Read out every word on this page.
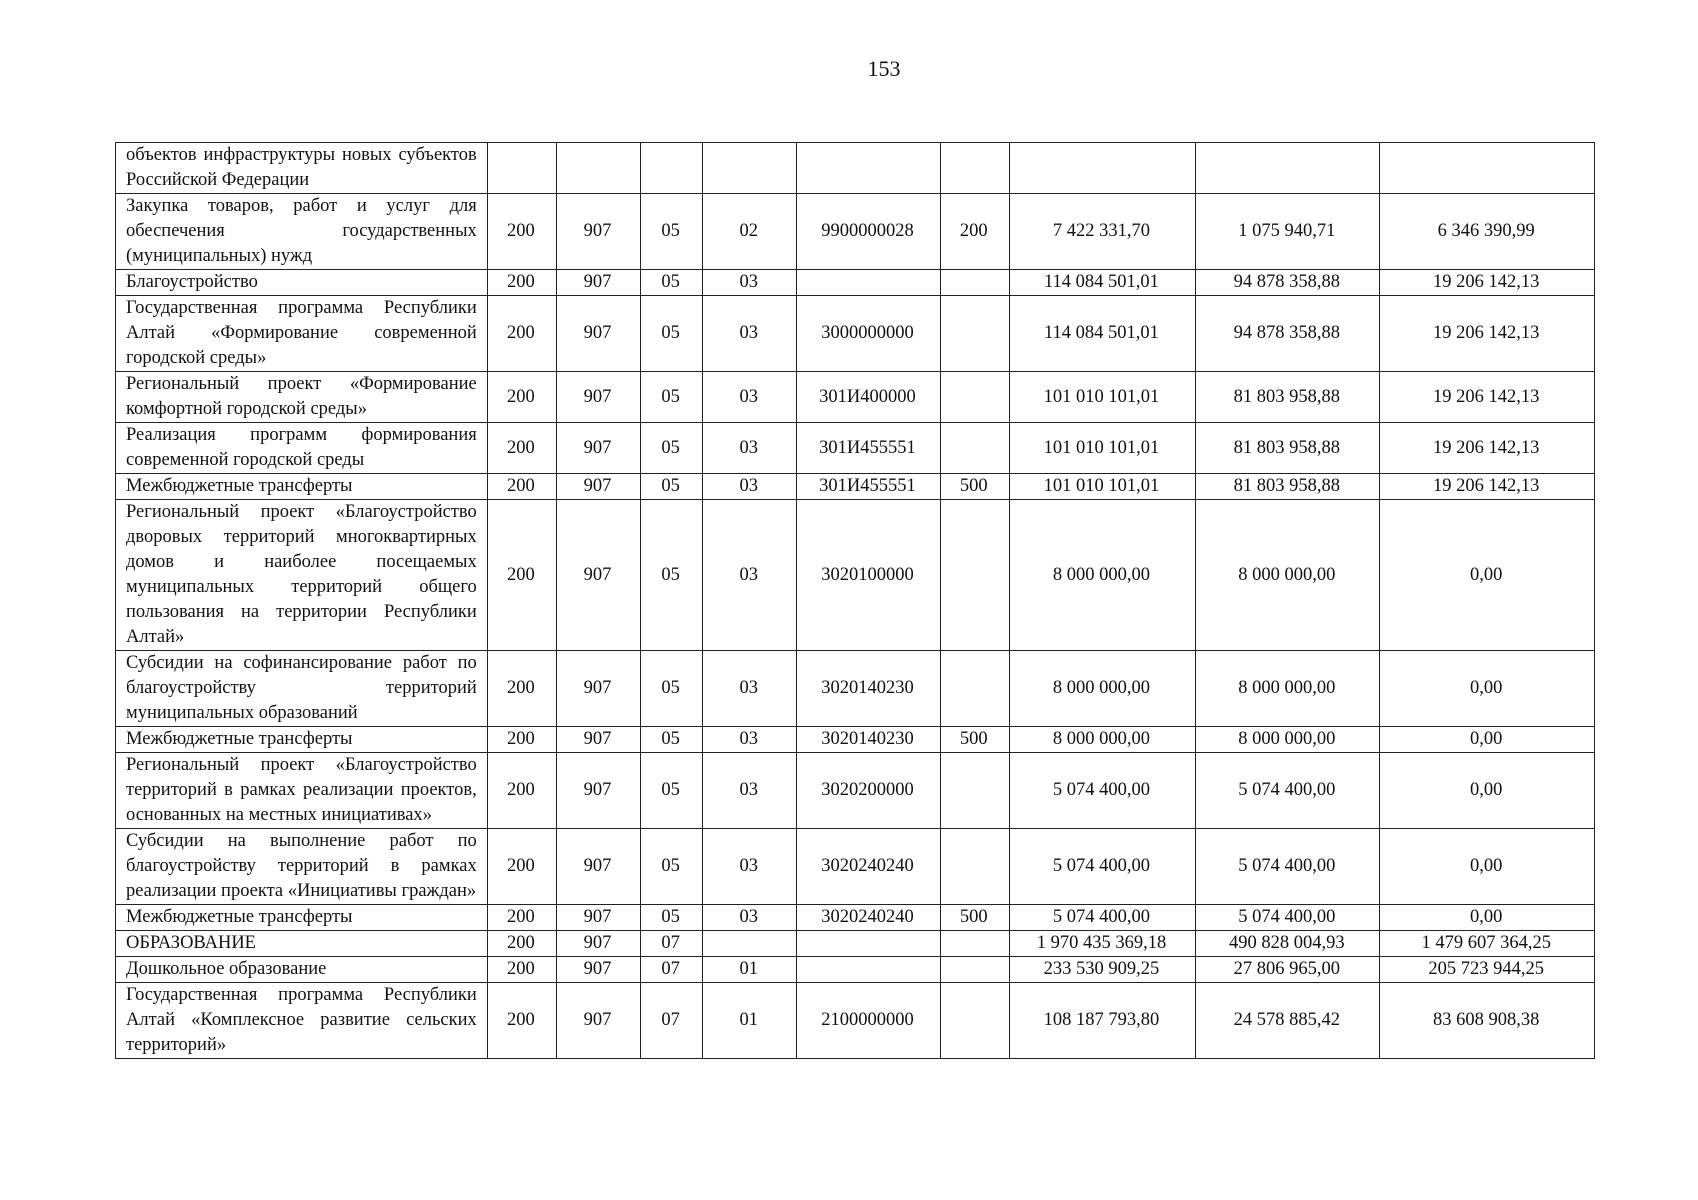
153
объектов инфраструктуры новых субъектов Российской Федерации									
Закупка товаров, работ и услуг для обеспечения государственных (муниципальных) нужд	200	907	05	02	9900000028	200	7 422 331,70	1 075 940,71	6 346 390,99
Благоустройство	200	907	05	03			114 084 501,01	94 878 358,88	19 206 142,13
Государственная программа Республики Алтай «Формирование современной городской среды»	200	907	05	03	3000000000		114 084 501,01	94 878 358,88	19 206 142,13
Региональный проект «Формирование комфортной городской среды»	200	907	05	03	301И400000		101 010 101,01	81 803 958,88	19 206 142,13
Реализация программ формирования современной городской среды	200	907	05	03	301И455551		101 010 101,01	81 803 958,88	19 206 142,13
Межбюджетные трансферты	200	907	05	03	301И455551	500	101 010 101,01	81 803 958,88	19 206 142,13
Региональный проект «Благоустройство дворовых территорий многоквартирных домов и наиболее посещаемых муниципальных территорий общего пользования на территории Республики Алтай»	200	907	05	03	3020100000		8 000 000,00	8 000 000,00	0,00
Субсидии на софинансирование работ по благоустройству территорий муниципальных образований	200	907	05	03	3020140230		8 000 000,00	8 000 000,00	0,00
Межбюджетные трансферты	200	907	05	03	3020140230	500	8 000 000,00	8 000 000,00	0,00
Региональный проект «Благоустройство территорий в рамках реализации проектов, основанных на местных инициативах»	200	907	05	03	3020200000		5 074 400,00	5 074 400,00	0,00
Субсидии на выполнение работ по благоустройству территорий в рамках реализации проекта «Инициативы граждан»	200	907	05	03	3020240240		5 074 400,00	5 074 400,00	0,00
Межбюджетные трансферты	200	907	05	03	3020240240	500	5 074 400,00	5 074 400,00	0,00
ОБРАЗОВАНИЕ	200	907	07				1 970 435 369,18	490 828 004,93	1 479 607 364,25
Дошкольное образование	200	907	07	01			233 530 909,25	27 806 965,00	205 723 944,25
Государственная программа Республики Алтай «Комплексное развитие сельских территорий»	200	907	07	01	2100000000		108 187 793,80	24 578 885,42	83 608 908,38
